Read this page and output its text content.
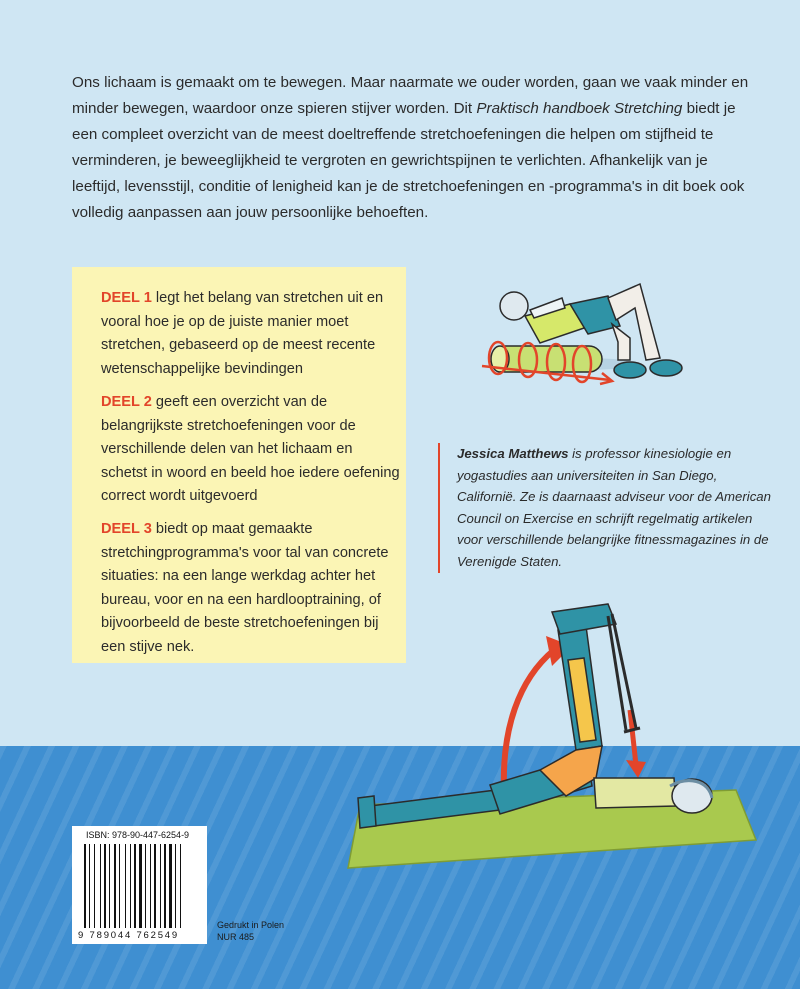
Ons lichaam is gemaakt om te bewegen. Maar naarmate we ouder worden, gaan we vaak minder en minder bewegen, waardoor onze spieren stijver worden. Dit Praktisch handboek Stretching biedt je een compleet overzicht van de meest doeltreffende stretchoefeningen die helpen om stijfheid te verminderen, je beweeglijkheid te vergroten en gewrichtspijnen te verlichten. Afhankelijk van je leeftijd, levensstijl, conditie of lenigheid kan je de stretchoefeningen en -programma's in dit boek ook volledig aanpassen aan jouw persoonlijke behoeften.

DEEL 1 legt het belang van stretchen uit en vooral hoe je op de juiste manier moet stretchen, gebaseerd op de meest recente wetenschappelijke bevindingen

DEEL 2 geeft een overzicht van de belangrijkste stretchoefeningen voor de verschillende delen van het lichaam en schetst in woord en beeld hoe iedere oefening correct wordt uitgevoerd

DEEL 3 biedt op maat gemaakte stretchingprogramma's voor tal van concrete situaties: na een lange werkdag achter het bureau, voor en na een hardlooptraining, of bijvoorbeeld de beste stretchoefeningen bij een stijve nek.

Jessica Matthews is professor kinesiologie en yogastudies aan universiteiten in San Diego, Californië. Ze is daarnaast adviseur voor de American Council on Exercise en schrijft regelmatig artikelen voor verschillende belangrijke fitnessmagazines in de Verenigde Staten.

ISBN: 978-90-447-6254-9
9 789044 762549
Gedrukt in Polen
NUR 485
